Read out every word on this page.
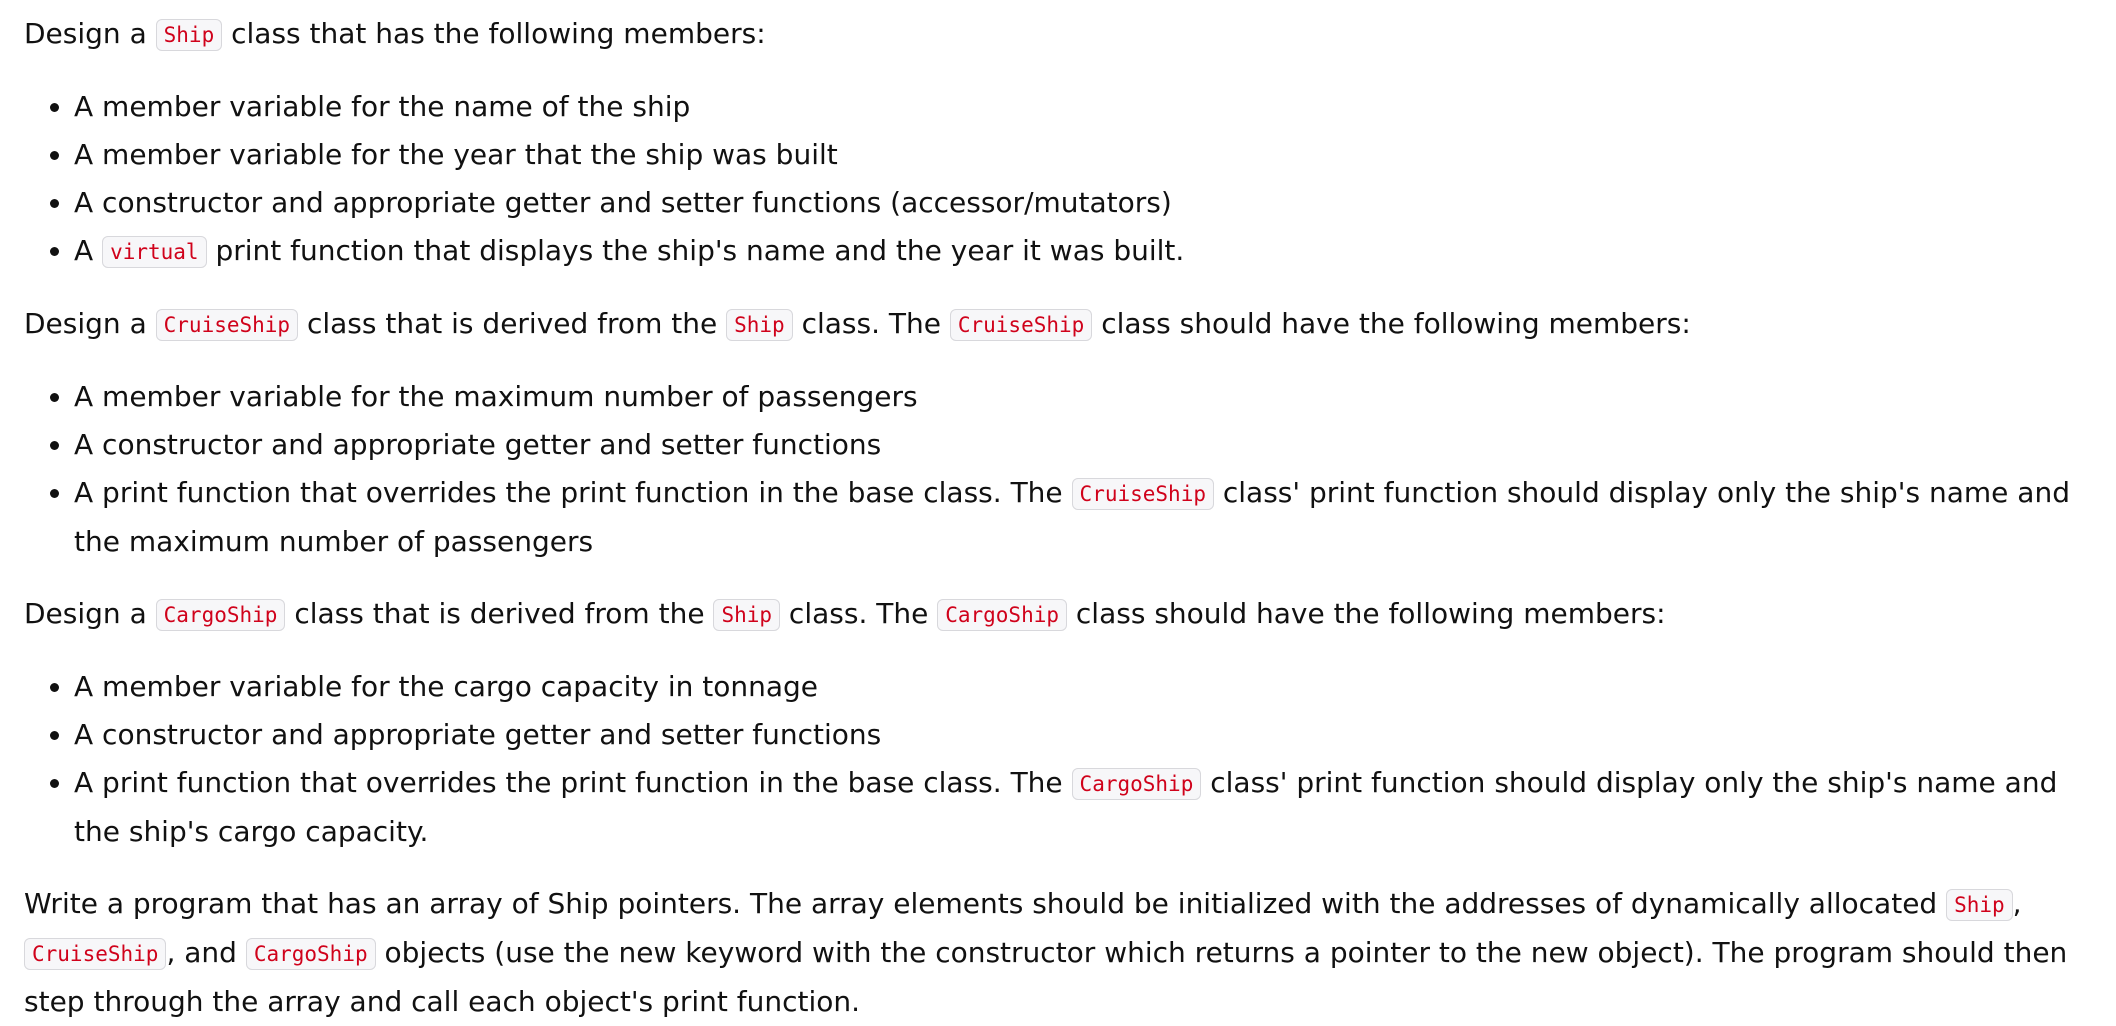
Design a Ship class that has the following members:

• A member variable for the name of the ship
• A member variable for the year that the ship was built
• A constructor and appropriate getter and setter functions (accessor/mutators)
• A virtual print function that displays the ship's name and the year it was built.

Design a CruiseShip class that is derived from the Ship class. The CruiseShip class should have the following members:

• A member variable for the maximum number of passengers
• A constructor and appropriate getter and setter functions
• A print function that overrides the print function in the base class. The CruiseShip class' print function should display only the ship's name and the maximum number of passengers

Design a CargoShip class that is derived from the Ship class. The CargoShip class should have the following members:

• A member variable for the cargo capacity in tonnage
• A constructor and appropriate getter and setter functions
• A print function that overrides the print function in the base class. The CargoShip class' print function should display only the ship's name and the ship's cargo capacity.

Write a program that has an array of Ship pointers. The array elements should be initialized with the addresses of dynamically allocated Ship , CruiseShip , and CargoShip objects (use the new keyword with the constructor which returns a pointer to the new object). The program should then step through the array and call each object's print function.
